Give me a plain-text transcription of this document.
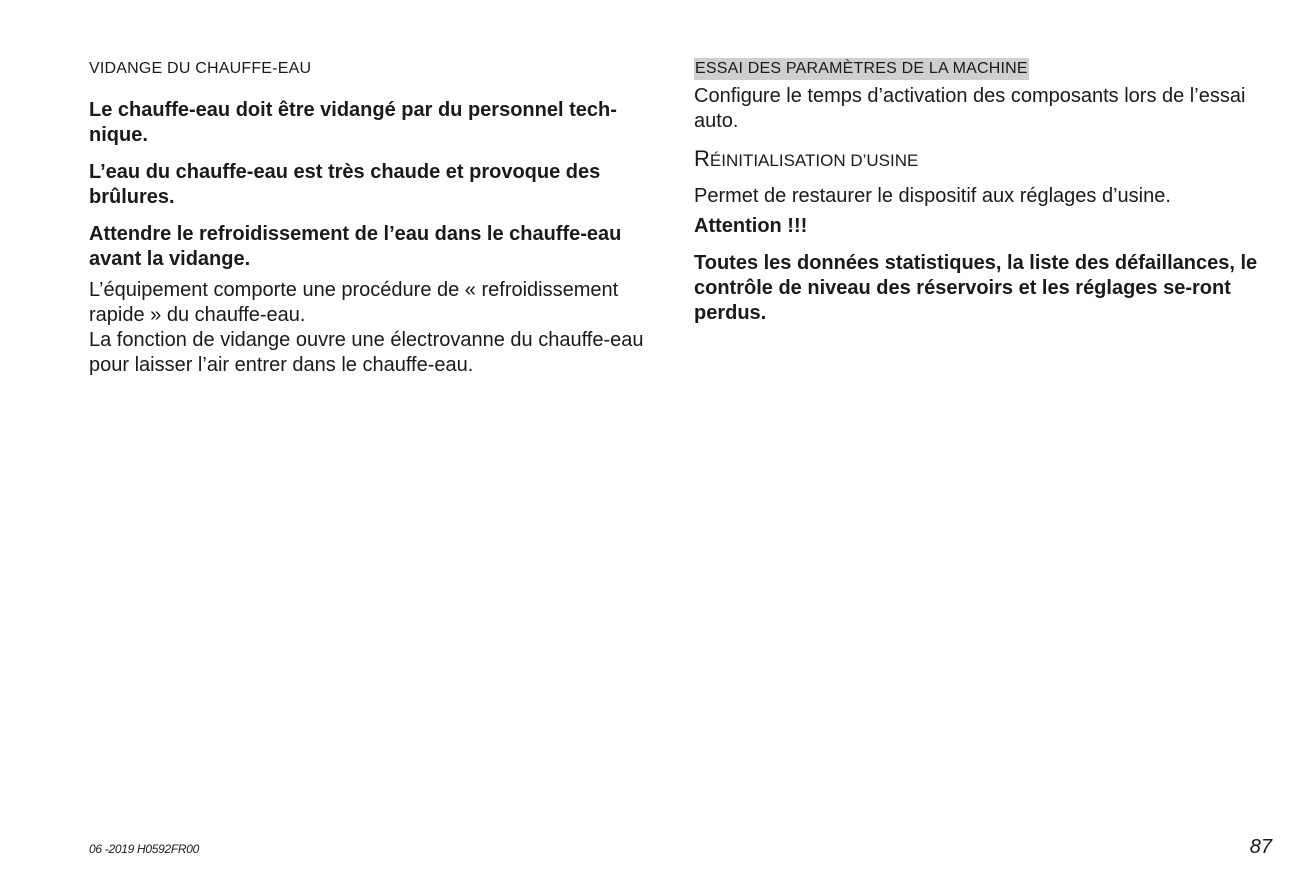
VIDANGE DU CHAUFFE-EAU

Le chauffe-eau doit être vidangé par du personnel tech-nique.

L’eau du chauffe-eau est très chaude et provoque des brûlures.

Attendre le refroidissement de l’eau dans le chauffe-eau avant la vidange.

L’équipement comporte une procédure de « refroidissement rapide » du chauffe-eau.

La fonction de vidange ouvre une électrovanne du chauffe-eau pour laisser l’air entrer dans le chauffe-eau.

ESSAI DES PARAMÈTRES DE LA MACHINE

Configure le temps d’activation des composants lors de l’essai auto.

RÉINITIALISATION D’USINE

Permet de restaurer le dispositif aux réglages d’usine.

Attention !!!

Toutes les données statistiques, la liste des défaillances, le contrôle de niveau des réservoirs et les réglages se-ront perdus.

06 -2019 H0592FR00	87
